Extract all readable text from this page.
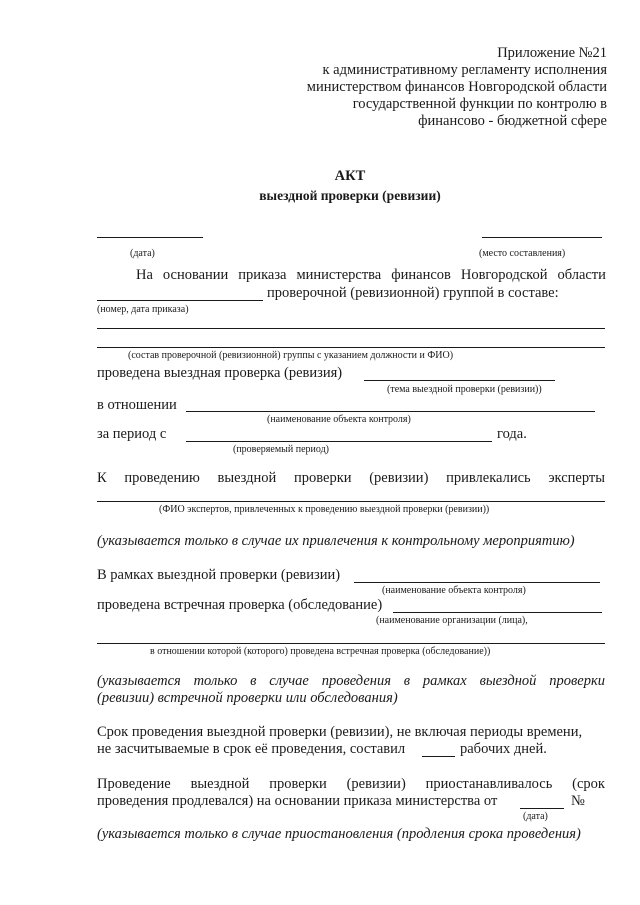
Приложение №21
к административному регламенту исполнения
министерством финансов Новгородской области
государственной функции по контролю в
финансово - бюджетной сфере
АКТ
выездной проверки (ревизии)
(дата)	(место составления)
На основании приказа министерства финансов Новгородской области
проверочной (ревизионной) группой в составе:
(номер, дата приказа)
(состав проверочной (ревизионной) группы с указанием должности и ФИО)
проведена выездная проверка (ревизия)
(тема выездной проверки (ревизии))
в отношении
(наименование объекта контроля)
за период с	года.
(проверяемый период)
К проведению выездной проверки (ревизии) привлекались эксперты
(ФИО экспертов, привлеченных к проведению выездной проверки (ревизии))
(указывается только в случае их привлечения к контрольному мероприятию)
В рамках выездной проверки (ревизии)
(наименование объекта контроля)
проведена встречная проверка (обследование)
(наименование организации (лица),
в отношении которой (которого) проведена встречная проверка (обследование))
(указывается только в случае проведения в рамках выездной проверки
(ревизии) встречной проверки или обследования)
Срок проведения выездной проверки (ревизии), не включая периоды времени,
не засчитываемые в срок её проведения, составил	рабочих дней.
Проведение выездной проверки (ревизии) приостанавливалось (срок
проведения продлевался) на основании приказа министерства от	№
(дата)
(указывается только в случае приостановления (продления срока проведения)
